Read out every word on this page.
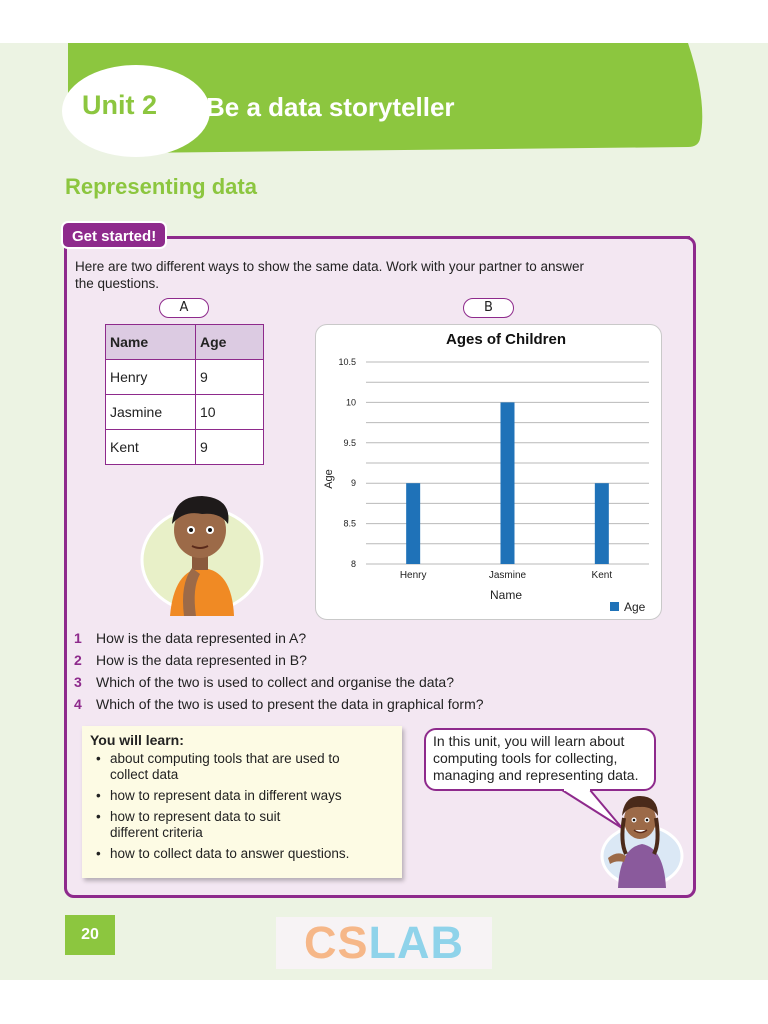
Unit 2 Be a data storyteller
Representing data
Get started!
Here are two different ways to show the same data. Work with your partner to answer
the questions.
A	B
Name	Age
Henry	9
Jasmine	10
Kent	9
Ages of Children
Age
Name
Age
10.5
10
9.5
9
8.5
8
Henry	Jasmine	Kent
1	How is the data represented in A?
2	How is the data represented in B?
3	Which of the two is used to collect and organise the data?
4	Which of the two is used to present the data in graphical form?
You will learn:
• about computing tools that are used to
collect data
• how to represent data in different ways
• how to represent data to suit
different criteria
• how to collect data to answer questions.
In this unit, you will learn about
computing tools for collecting,
managing and representing data.
20	CSLAB
